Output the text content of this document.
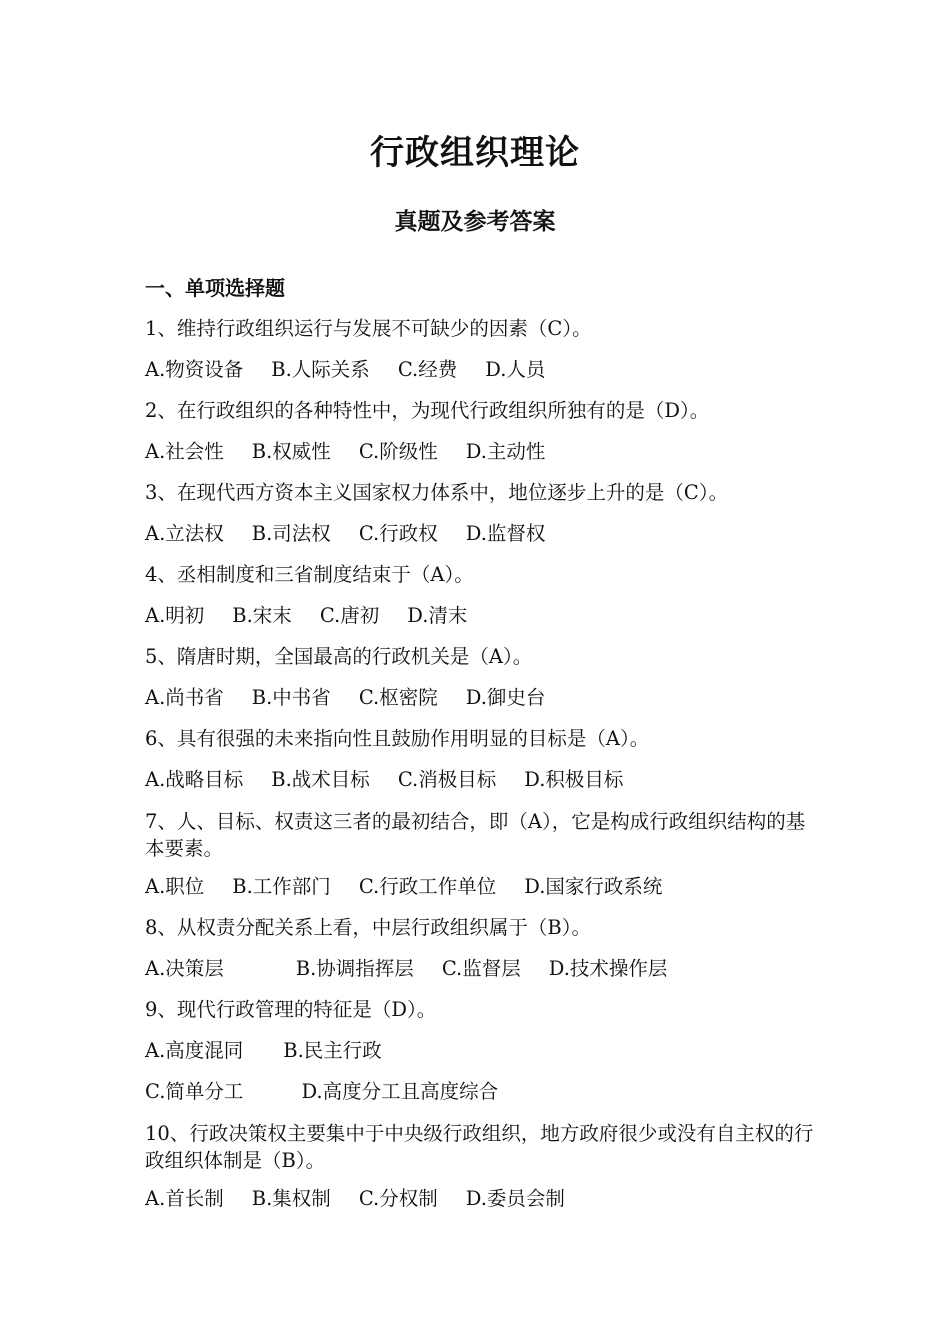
行政组织理论
真题及参考答案
一、单项选择题
1、维持行政组织运行与发展不可缺少的因素（C）。
A.物资设备 B.人际关系 C.经费 D.人员
2、在行政组织的各种特性中，为现代行政组织所独有的是（D）。
A.社会性 B.权威性 C.阶级性 D.主动性
3、在现代西方资本主义国家权力体系中，地位逐步上升的是（C）。
A.立法权 B.司法权 C.行政权 D.监督权
4、丞相制度和三省制度结束于（A）。
A.明初 B.宋末 C.唐初 D.清末
5、隋唐时期，全国最高的行政机关是（A）。
A.尚书省 B.中书省 C.枢密院 D.御史台
6、具有很强的未来指向性且鼓励作用明显的目标是（A）。
A.战略目标 B.战术目标 C.消极目标 D.积极目标
7、人、目标、权责这三者的最初结合，即（A），它是构成行政组织结构的基本要素。
A.职位 B.工作部门 C.行政工作单位 D.国家行政系统
8、从权责分配关系上看，中层行政组织属于（B）。
A.决策层	B.协调指挥层 C.监督层 D.技术操作层
9、现代行政管理的特征是（D）。
A.高度混同 B.民主行政
C.简单分工	D.高度分工且高度综合
10、行政决策权主要集中于中央级行政组织，地方政府很少或没有自主权的行政组织体制是（B）。
A.首长制 B.集权制 C.分权制 D.委员会制
